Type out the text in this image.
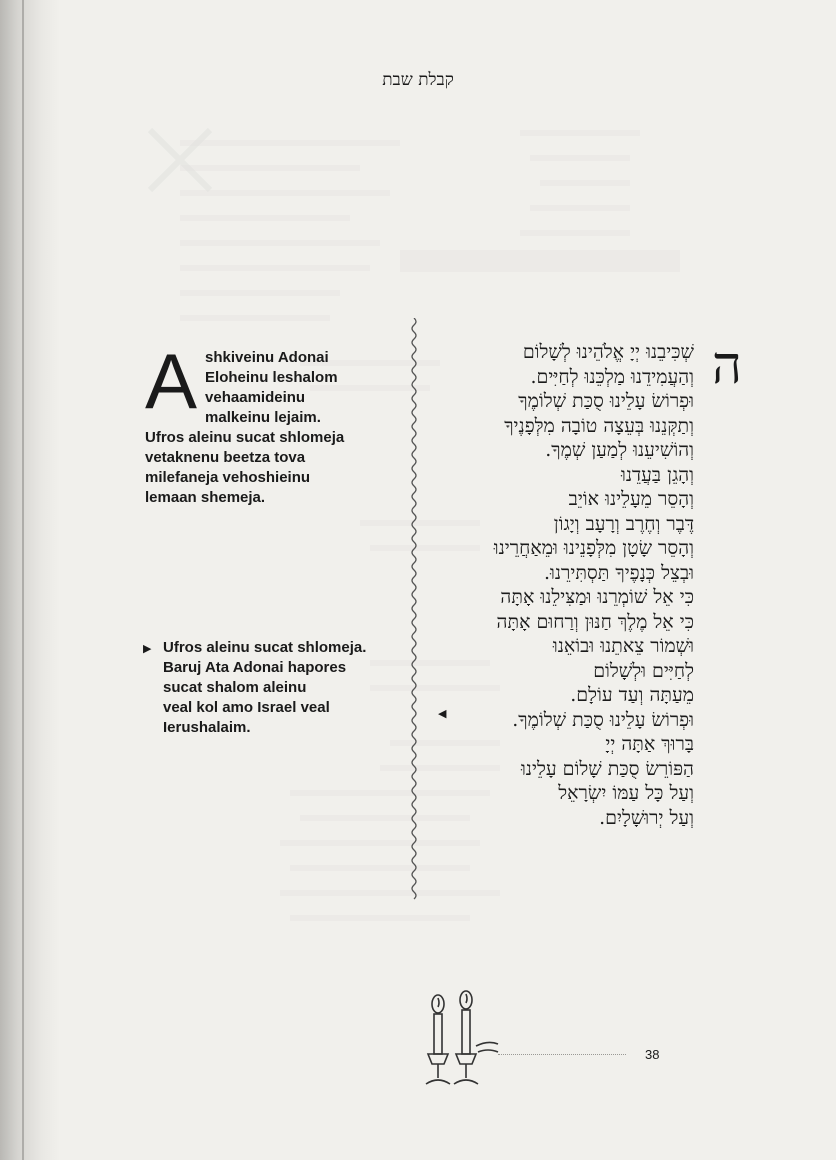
קבלת שבת
A shkiveinu Adonai
Eloheinu leshalom
vehaamideinu
malkeinu lejaim.
Ufros aleinu sucat shlomeja
vetaknenu beetza tova
milefaneja vehoshieinu
lemaan shemeja.
▶ Ufros aleinu sucat shlomeja.
Baruj Ata Adonai hapores
sucat shalom aleinu
veal kol amo Israel veal
Ierushalaim.
ה
שְׁכִּיבֵנוּ יְיָ אֱלֹהֵינוּ לְשָׁלוֹם
וְהַעֲמִידֵנוּ מַלְכֵּנוּ לְחַיִּים.
וּפְרוֹשׂ עָלֵינוּ סֻכַּת שְׁלוֹמֶךָ
וְתַקְּנֵנוּ בְּעֵצָה טוֹבָה מִלְּפָנֶיךָ
וְהוֹשִׁיעֵנוּ לְמַעַן שְׁמֶךָ.
וְהָגֵן בַּעֲדֵנוּ
וְהָסֵר מֵעָלֵינוּ אוֹיֵב
דֶּבֶר וְחֶרֶב וְרָעָב וְיָגוֹן
וְהָסֵר שָׂטָן מִלְּפָנֵינוּ וּמֵאַחֲרֵינוּ
וּבְצֵל כְּנָפֶיךָ תַּסְתִּירֵנוּ.
כִּי אֵל שׁוֹמְרֵנוּ וּמַצִּילֵנוּ אָתָּה
כִּי אֵל מֶלֶךְ חַנּוּן וְרַחוּם אָתָּה
וּשְׁמוֹר צֵאתֵנוּ וּבוֹאֵנוּ
לְחַיִּים וּלְשָׁלוֹם
מֵעַתָּה וְעַד עוֹלָם.
וּפְרוֹשׂ עָלֵינוּ סֻכַּת שְׁלוֹמֶךָ.
בָּרוּךְ אַתָּה יְיָ
הַפּוֹרֵשׂ סֻכַּת שָׁלוֹם עָלֵינוּ
וְעַל כָּל עַמּוֹ יִשְׂרָאֵל
וְעַל יְרוּשָׁלָיִם.
◀
38
